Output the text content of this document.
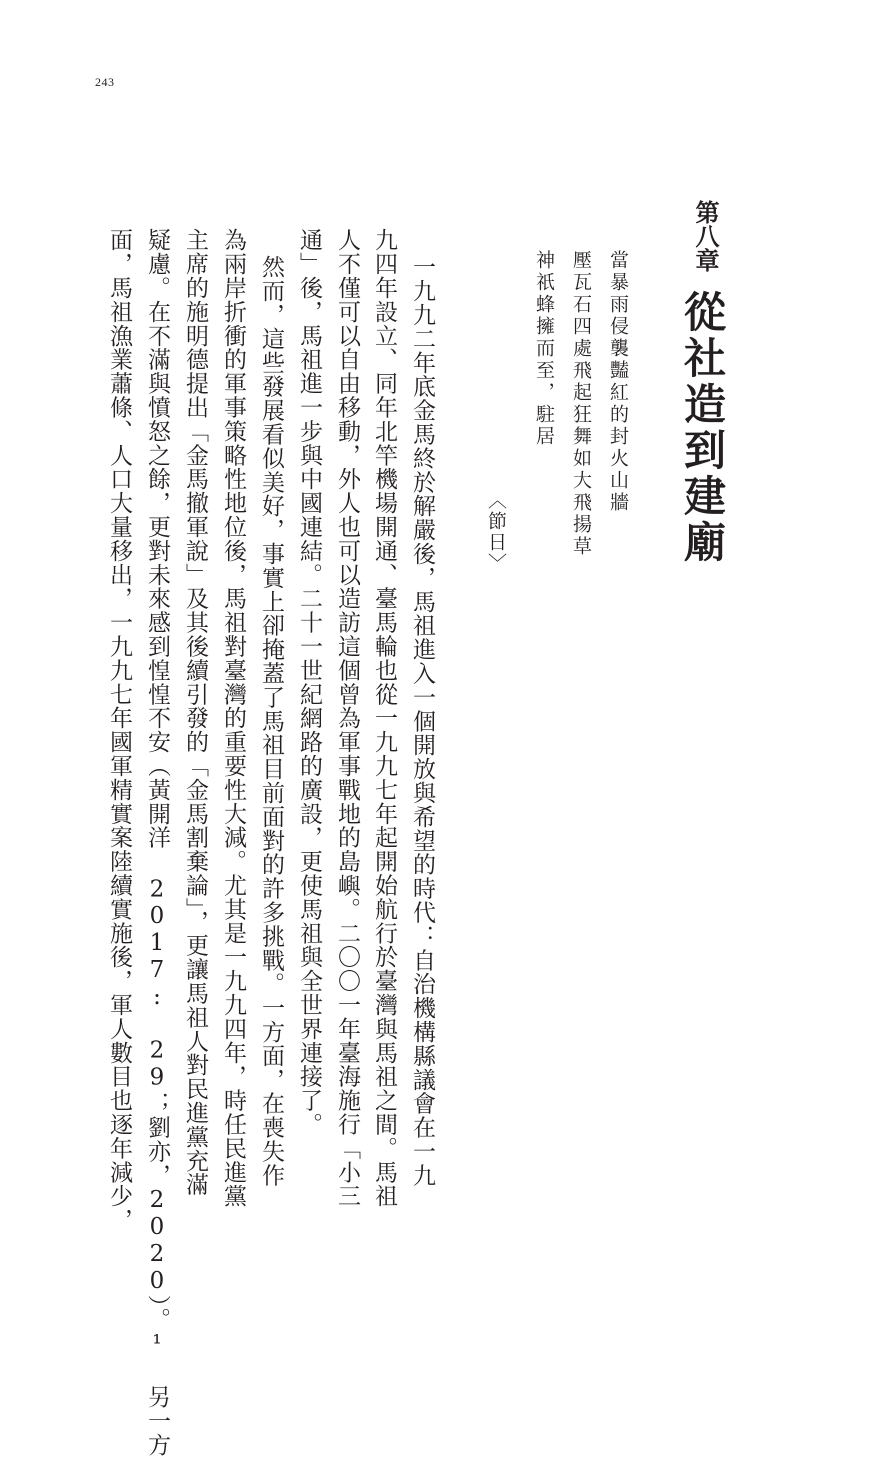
243
第八章
從社造到建廟

當暴雨侵襲豔紅的封火山牆

壓瓦石四處飛起狂舞如大飛揚草

神祇蜂擁而至，駐居

〈節日〉

一九九二年底金馬終於解嚴後，馬祖進入一個開放與希望的時代：自治機構縣議會在一九

九四年設立、同年北竿機場開通、臺馬輪也從一九九七年起開始航行於臺灣與馬祖之間。馬祖

人不僅可以自由移動，外人也可以造訪這個曾為軍事戰地的島嶼。二〇〇一年臺海施行「小三

通」後，馬祖進一步與中國連結。二十一世紀網路的廣設，更使馬祖與全世界連接了。

然而，這些發展看似美好，事實上卻掩蓋了馬祖目前面對的許多挑戰。一方面，在喪失作

為兩岸折衝的軍事策略性地位後，馬祖對臺灣的重要性大減。尤其是一九九四年，時任民進黨

主席的施明德提出「金馬撤軍說」及其後續引發的「金馬割棄論」，更讓馬祖人對民進黨充滿

疑慮。在不滿與憤怒之餘，更對未來感到惶惶不安（黃開洋 2017: 29；劉亦，2020）。¹ 另一方

面，馬祖漁業蕭條、人口大量移出，一九九七年國軍精實案陸續實施後，軍人數目也逐年減少，
